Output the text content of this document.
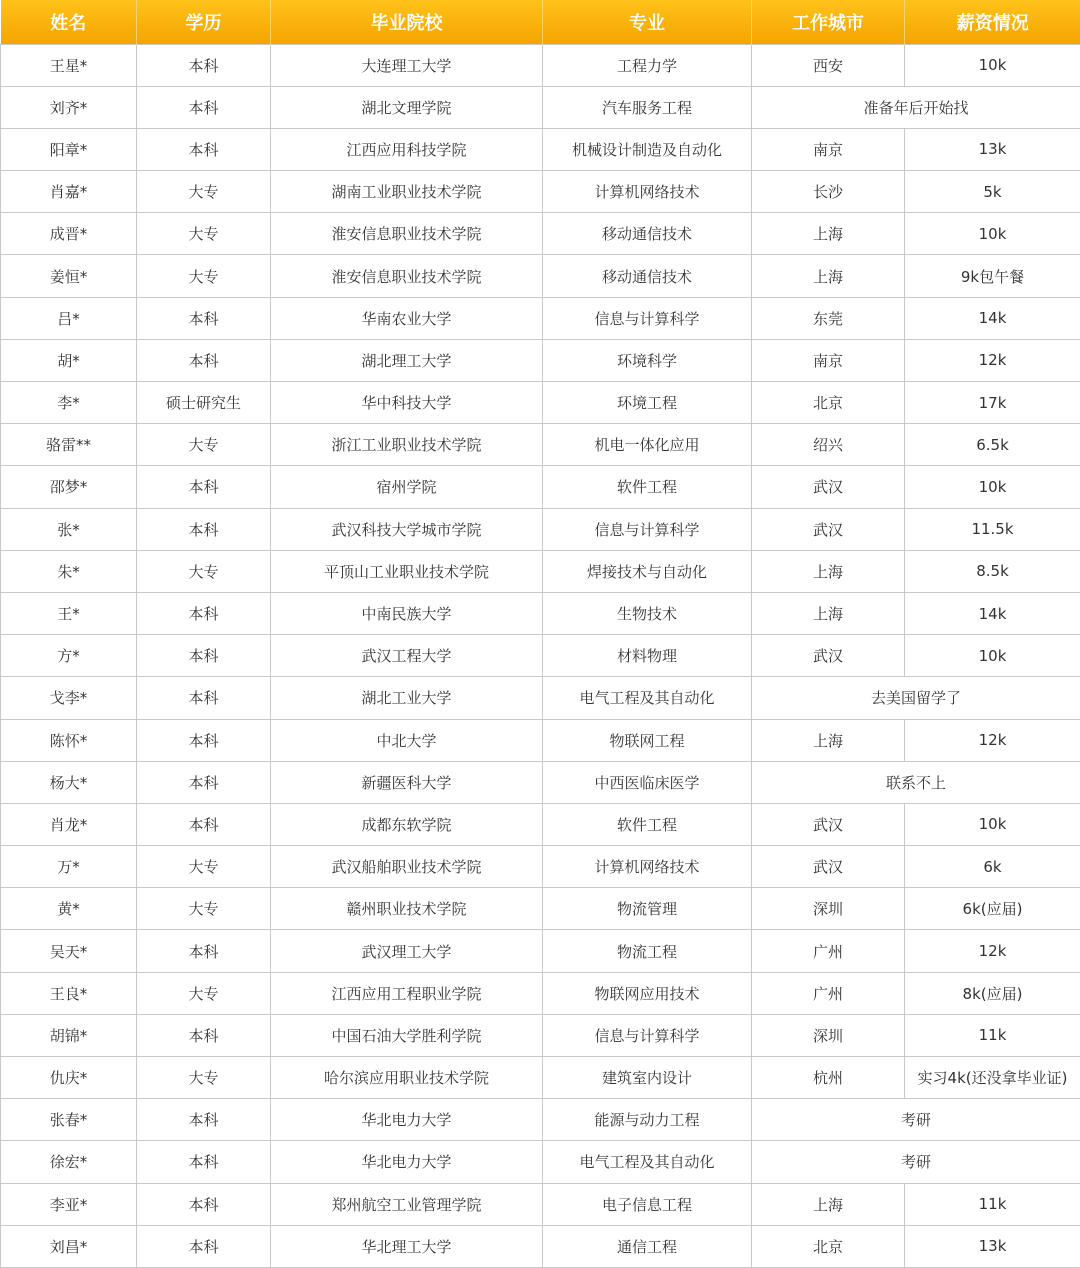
姓名	学历	毕业院校	专业	工作城市	薪资情况
王星*	本科	大连理工大学	工程力学	西安	10k
刘齐*	本科	湖北文理学院	汽车服务工程	准备年后开始找	
阳章*	本科	江西应用科技学院	机械设计制造及自动化	南京	13k
肖嘉*	大专	湖南工业职业技术学院	计算机网络技术	长沙	5k
成晋*	大专	淮安信息职业技术学院	移动通信技术	上海	10k
姜恒*	大专	淮安信息职业技术学院	移动通信技术	上海	9k包午餐
吕*	本科	华南农业大学	信息与计算科学	东莞	14k
胡*	本科	湖北理工大学	环境科学	南京	12k
李*	硕士研究生	华中科技大学	环境工程	北京	17k
骆雷**	大专	浙江工业职业技术学院	机电一体化应用	绍兴	6.5k
邵梦*	本科	宿州学院	软件工程	武汉	10k
张*	本科	武汉科技大学城市学院	信息与计算科学	武汉	11.5k
朱*	大专	平顶山工业职业技术学院	焊接技术与自动化	上海	8.5k
王*	本科	中南民族大学	生物技术	上海	14k
方*	本科	武汉工程大学	材料物理	武汉	10k
戈李*	本科	湖北工业大学	电气工程及其自动化	去美国留学了	
陈怀*	本科	中北大学	物联网工程	上海	12k
杨大*	本科	新疆医科大学	中西医临床医学	联系不上	
肖龙*	本科	成都东软学院	软件工程	武汉	10k
万*	大专	武汉船舶职业技术学院	计算机网络技术	武汉	6k
黄*	大专	赣州职业技术学院	物流管理	深圳	6k(应届)
吴天*	本科	武汉理工大学	物流工程	广州	12k
王良*	大专	江西应用工程职业学院	物联网应用技术	广州	8k(应届)
胡锦*	本科	中国石油大学胜利学院	信息与计算科学	深圳	11k
仇庆*	大专	哈尔滨应用职业技术学院	建筑室内设计	杭州	实习4k(还没拿毕业证)
张春*	本科	华北电力大学	能源与动力工程	考研	
徐宏*	本科	华北电力大学	电气工程及其自动化	考研	
李亚*	本科	郑州航空工业管理学院	电子信息工程	上海	11k
刘昌*	本科	华北理工大学	通信工程	北京	13k
